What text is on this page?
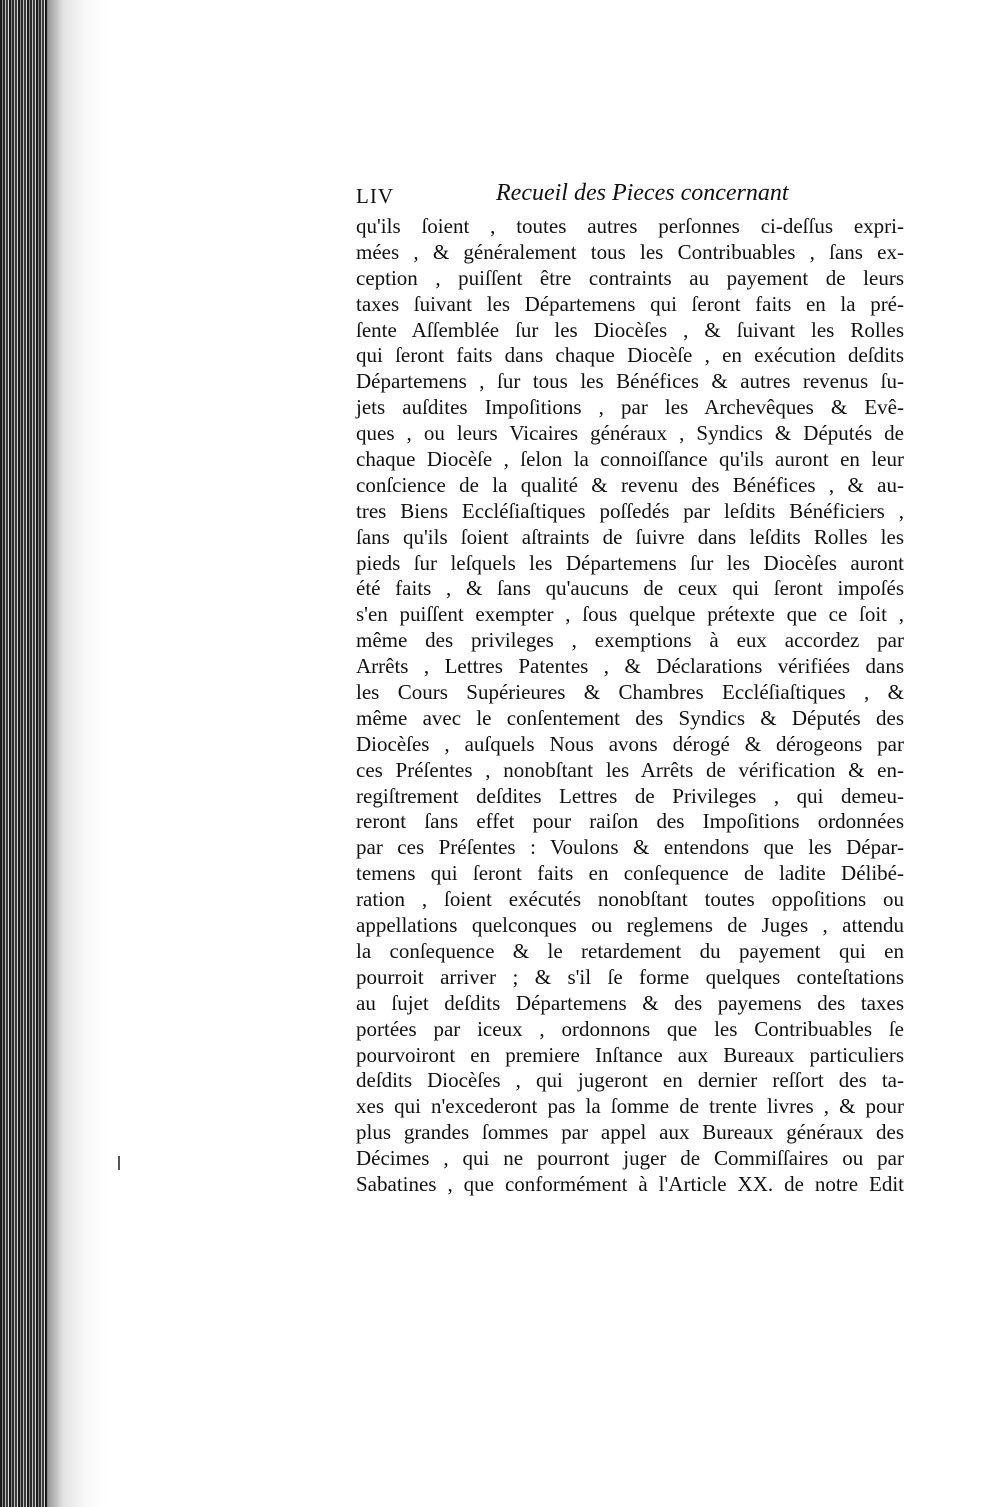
LIV	Recueil des Pieces concernant
qu'ils ſoient , toutes autres perſonnes ci-deſſus expri-
mées , & généralement tous les Contribuables , ſans ex-
ception , puiſſent être contraints au payement de leurs
taxes ſuivant les Départemens qui ſeront faits en la pré-
ſente Aſſemblée ſur les Diocèſes , & ſuivant les Rolles
qui ſeront faits dans chaque Diocèſe , en exécution deſdits
Départemens , ſur tous les Bénéfices & autres revenus ſu-
jets auſdites Impoſitions , par les Archevêques & Evê-
ques , ou leurs Vicaires généraux , Syndics & Députés de
chaque Diocèſe , ſelon la connoiſſance qu'ils auront en leur
conſcience de la qualité & revenu des Bénéfices , & au-
tres Biens Eccléſiaſtiques poſſedés par leſdits Bénéficiers ,
ſans qu'ils ſoient aſtraints de ſuivre dans leſdits Rolles les
pieds ſur leſquels les Départemens ſur les Diocèſes auront
été faits , & ſans qu'aucuns de ceux qui ſeront impoſés
s'en puiſſent exempter , ſous quelque prétexte que ce ſoit ,
même des privileges , exemptions à eux accordez par
Arrêts , Lettres Patentes , & Déclarations vérifiées dans
les Cours Supérieures & Chambres Eccléſiaſtiques , &
même avec le conſentement des Syndics & Députés des
Diocèſes , auſquels Nous avons dérogé & dérogeons par
ces Préſentes , nonobſtant les Arrêts de vérification & en-
regiſtrement deſdites Lettres de Privileges , qui demeu-
reront ſans effet pour raiſon des Impoſitions ordonnées
par ces Préſentes : Voulons & entendons que les Dépar-
temens qui ſeront faits en conſequence de ladite Délibé-
ration , ſoient exécutés nonobſtant toutes oppoſitions ou
appellations quelconques ou reglemens de Juges , attendu
la conſequence & le retardement du payement qui en
pourroit arriver ; & s'il ſe forme quelques conteſtations
au ſujet deſdits Départemens & des payemens des taxes
portées par iceux , ordonnons que les Contribuables ſe
pourvoiront en premiere Inſtance aux Bureaux particuliers
deſdits Diocèſes , qui jugeront en dernier reſſort des ta-
xes qui n'excederont pas la ſomme de trente livres , & pour
plus grandes ſommes par appel aux Bureaux généraux des
Décimes , qui ne pourront juger de Commiſſaires ou par
Sabatines , que conformément à l'Article XX. de notre Edit
